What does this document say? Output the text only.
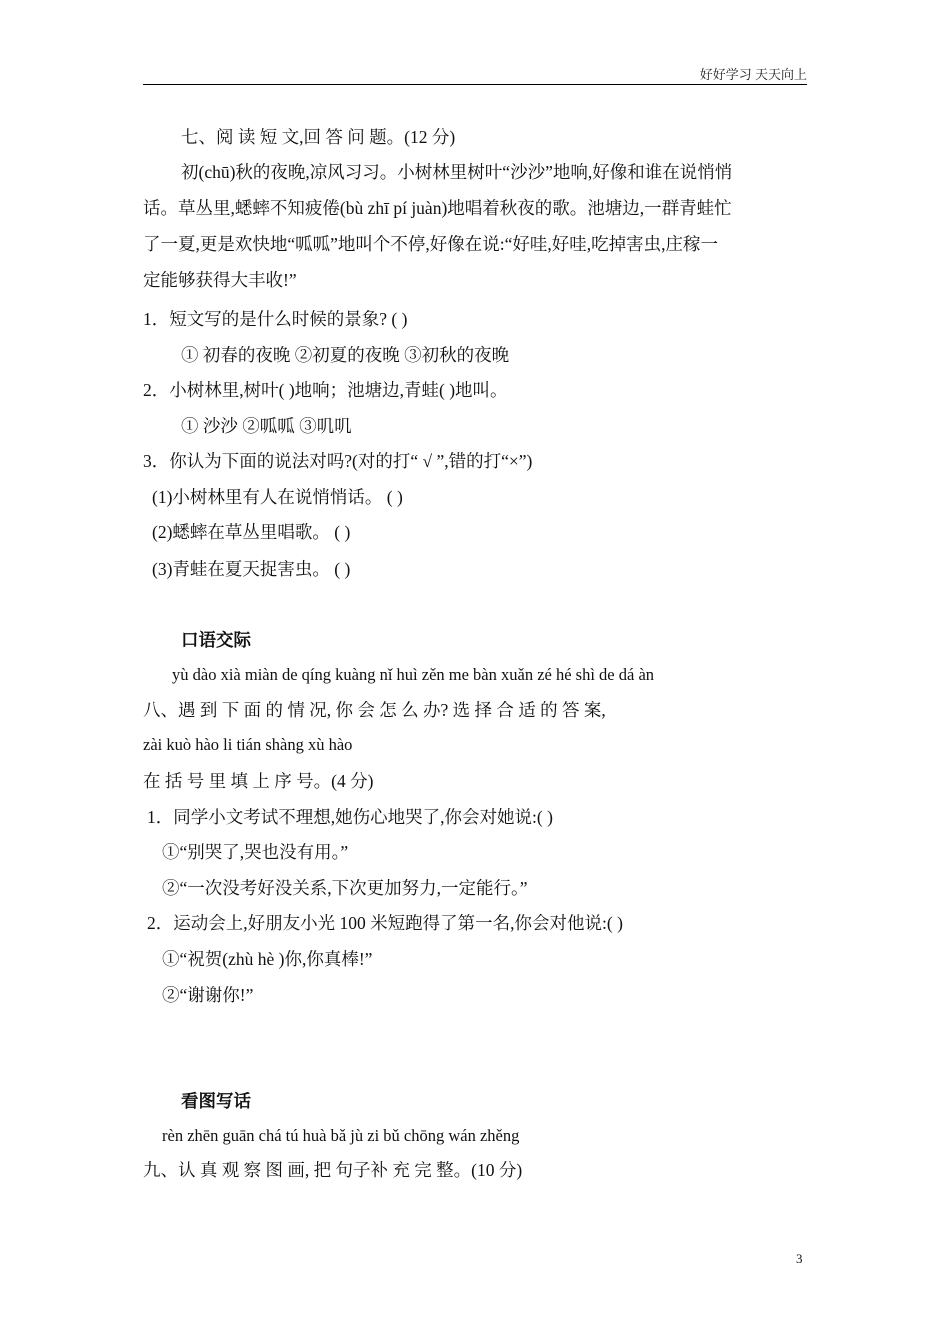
好好学习 天天向上
七、阅 读 短 文,回 答 问 题。(12 分)
初(chū)秋的夜晚,凉风习习。小树林里树叶“沙沙”地响,好像和谁在说悄悄
话。草丛里,蟋蟀不知疲倦(bù zhī pí juàn)地唱着秋夜的歌。池塘边,一群青蛙忙
了一夏,更是欢快地“呱呱”地叫个不停,好像在说:“好哇,好哇,吃掉害虫,庄稼一
定能够获得大丰收!”
1．短文写的是什么时候的景象? ( )
① 初春的夜晚 ②初夏的夜晚 ③初秋的夜晚
2．小树林里,树叶( )地响；池塘边,青蛙( )地叫。
① 沙沙 ②呱呱 ③叽叽
3．你认为下面的说法对吗?(对的打“ √ ”,错的打“×”)
(1)小树林里有人在说悄悄话。 ( )
(2)蟋蟀在草丛里唱歌。 ( )
(3)青蛙在夏天捉害虫。 ( )
口语交际
yù dào xià miàn de qíng kuàng nǐ huì zěn me bàn xuǎn zé hé shì de dá àn
八、遇 到 下 面 的 情 况, 你 会 怎 么 办? 选 择 合 适 的 答 案,
zài kuò hào li tián shàng xù hào
在 括 号 里 填 上 序 号。(4 分)
1．同学小文考试不理想,她伤心地哭了,你会对她说:( )
①“别哭了,哭也没有用。”
②“一次没考好没关系,下次更加努力,一定能行。”
2．运动会上,好朋友小光 100 米短跑得了第一名,你会对他说:( )
①“祝贺(zhù hè )你,你真棒!”
②“谢谢你!”
看图写话
rèn zhēn guān chá tú huà bǎ jù zi bǔ chōng wán zhěng
九、认 真 观 察 图 画, 把 句子补 充 完 整。(10 分)
3
